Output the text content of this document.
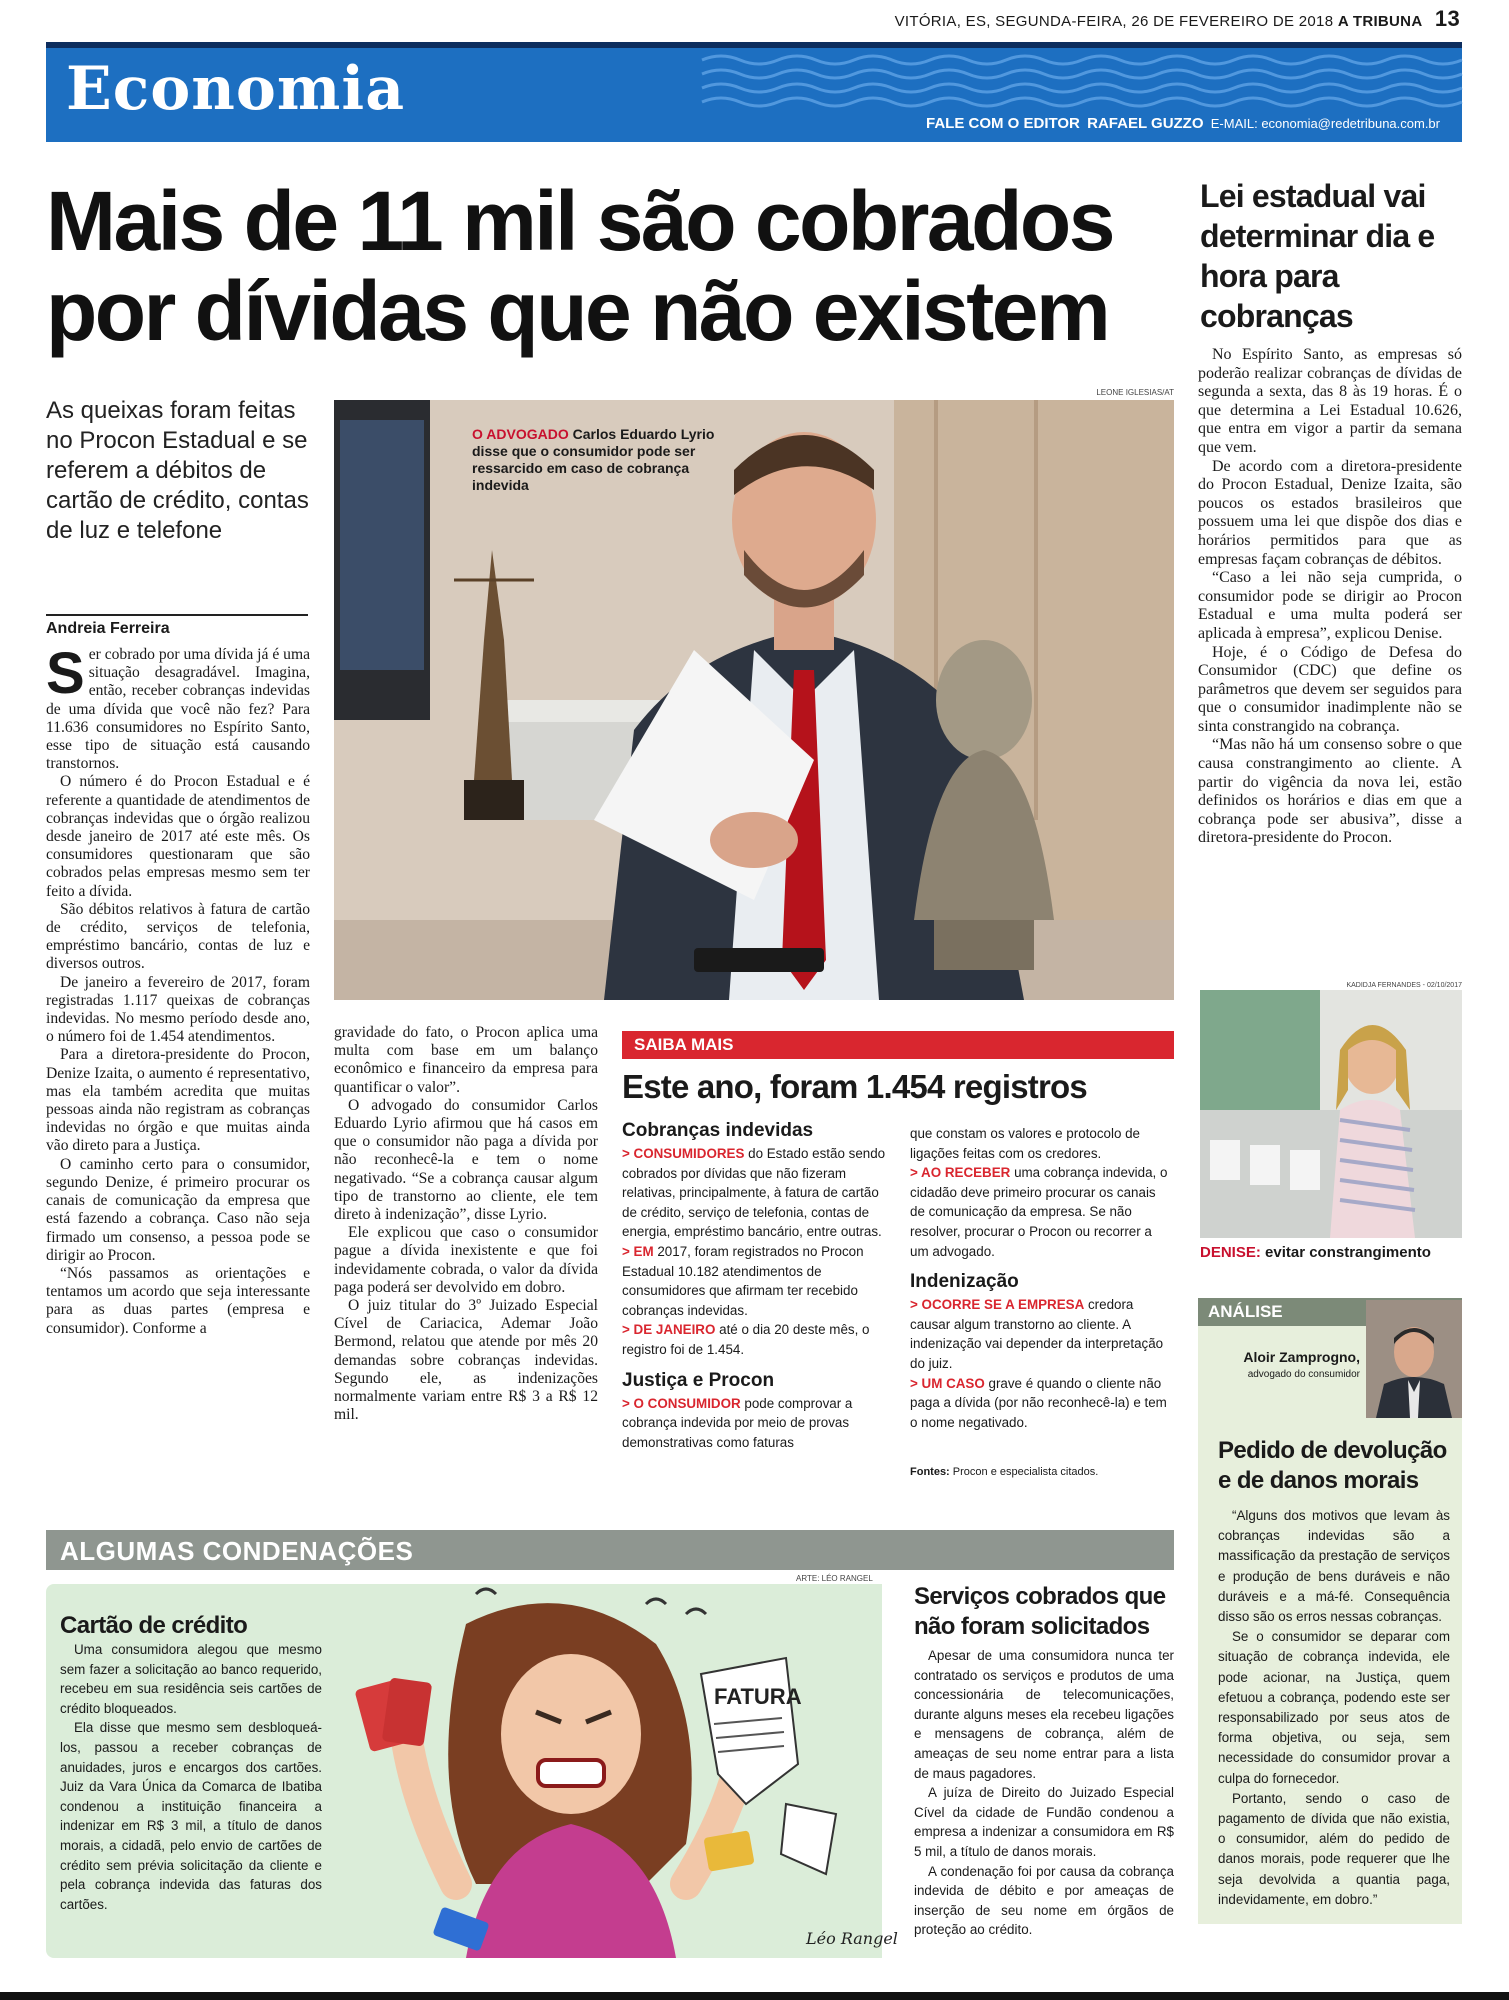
VITÓRIA, ES, SEGUNDA-FEIRA, 26 DE FEVEREIRO DE 2018 A TRIBUNA 13
Economia	FALE COM O EDITOR RAFAEL GUZZO E-MAIL: economia@redetribuna.com.br
Mais de 11 mil são cobrados por dívidas que não existem
As queixas foram feitas no Procon Estadual e se referem a débitos de cartão de crédito, contas de luz e telefone
Andreia Ferreira

Ser cobrado por uma dívida já é uma situação desagradável. Imagina, então, receber cobranças indevidas de uma dívida que você não fez? Para 11.636 consumidores no Espírito Santo, esse tipo de situação está causando transtornos.

O número é do Procon Estadual e é referente a quantidade de atendimentos de cobranças indevidas que o órgão realizou desde janeiro de 2017 até este mês. Os consumidores questionaram que são cobrados pelas empresas mesmo sem ter feito a dívida.

São débitos relativos à fatura de cartão de crédito, serviços de telefonia, empréstimo bancário, contas de luz e diversos outros.

De janeiro a fevereiro de 2017, foram registradas 1.117 queixas de cobranças indevidas. No mesmo período desde ano, o número foi de 1.454 atendimentos.

Para a diretora-presidente do Procon, Denize Izaita, o aumento é representativo, mas ela também acredita que muitas pessoas ainda não registram as cobranças indevidas no órgão e que muitas ainda vão direto para a Justiça.

O caminho certo para o consumidor, segundo Denize, é primeiro procurar os canais de comunicação da empresa que está fazendo a cobrança. Caso não seja firmado um consenso, a pessoa pode se dirigir ao Procon.

“Nós passamos as orientações e tentamos um acordo que seja interessante para as duas partes (empresa e consumidor). Conforme a

gravidade do fato, o Procon aplica uma multa com base em um balanço econômico e financeiro da empresa para quantificar o valor”.

O advogado do consumidor Carlos Eduardo Lyrio afirmou que há casos em que o consumidor não paga a dívida por não reconhecê-la e tem o nome negativado. “Se a cobrança causar algum tipo de transtorno ao cliente, ele tem direto à indenização”, disse Lyrio.

Ele explicou que caso o consumidor pague a dívida inexistente e que foi indevidamente cobrada, o valor da dívida paga poderá ser devolvido em dobro.

O juiz titular do 3º Juizado Especial Cível de Cariacica, Ademar João Bermond, relatou que atende por mês 20 demandas sobre cobranças indevidas. Segundo ele, as indenizações normalmente variam entre R$ 3 a R$ 12 mil.

LEONE IGLESIAS/AT
O ADVOGADO Carlos Eduardo Lyrio disse que o consumidor pode ser ressarcido em caso de cobrança indevida
Lei estadual vai determinar dia e hora para cobranças

No Espírito Santo, as empresas só poderão realizar cobranças de dívidas de segunda a sexta, das 8 às 19 horas. É o que determina a Lei Estadual 10.626, que entra em vigor a partir da semana que vem.

De acordo com a diretora-presidente do Procon Estadual, Denize Izaita, são poucos os estados brasileiros que possuem uma lei que dispõe dos dias e horários permitidos para que as empresas façam cobranças de débitos.

“Caso a lei não seja cumprida, o consumidor pode se dirigir ao Procon Estadual e uma multa poderá ser aplicada à empresa”, explicou Denise.

Hoje, é o Código de Defesa do Consumidor (CDC) que define os parâmetros que devem ser seguidos para que o consumidor inadimplente não se sinta constrangido na cobrança.

“Mas não há um consenso sobre o que causa constrangimento ao cliente. A partir do vigência da nova lei, estão definidos os horários e dias em que a cobrança pode ser abusiva”, disse a diretora-presidente do Procon.

KADIDJA FERNANDES - 02/10/2017
DENISE: evitar constrangimento
ANÁLISE
Aloir Zamprogno,
advogado do consumidor
Pedido de devolução e de danos morais

“Alguns dos motivos que levam às cobranças indevidas são a massificação da prestação de serviços e produção de bens duráveis e não duráveis e a má-fé. Consequência disso são os erros nessas cobranças.

Se o consumidor se deparar com situação de cobrança indevida, ele pode acionar, na Justiça, quem efetuou a cobrança, podendo este ser responsabilizado por seus atos de forma objetiva, ou seja, sem necessidade do consumidor provar a culpa do fornecedor.

Portanto, sendo o caso de pagamento de dívida que não existia, o consumidor, além do pedido de danos morais, pode requerer que lhe seja devolvida a quantia paga, indevidamente, em dobro.”

SAIBA MAIS
Este ano, foram 1.454 registros
Cobranças indevidas
> CONSUMIDORES do Estado estão sendo cobrados por dívidas que não fizeram relativas, principalmente, à fatura de cartão de crédito, serviço de telefonia, contas de energia, empréstimo bancário, entre outras.
> EM 2017, foram registrados no Procon Estadual 10.182 atendimentos de consumidores que afirmam ter recebido cobranças indevidas.
> DE JANEIRO até o dia 20 deste mês, o registro foi de 1.454.
Justiça e Procon
> O CONSUMIDOR pode comprovar a cobrança indevida por meio de provas demonstrativas como faturas
que constam os valores e protocolo de ligações feitas com os credores.
> AO RECEBER uma cobrança indevida, o cidadão deve primeiro procurar os canais de comunicação da empresa. Se não resolver, procurar o Procon ou recorrer a um advogado.
Indenização
> OCORRE SE A EMPRESA credora causar algum transtorno ao cliente. A indenização vai depender da interpretação do juiz.
> UM CASO grave é quando o cliente não paga a dívida (por não reconhecê-la) e tem o nome negativado.
Fontes: Procon e especialista citados.
ALGUMAS CONDENAÇÕES
ARTE: LÉO RANGEL
FATURA
Léo Rangel
Cartão de crédito

Uma consumidora alegou que mesmo sem fazer a solicitação ao banco requerido, recebeu em sua residência seis cartões de crédito bloqueados.

Ela disse que mesmo sem desbloqueá-los, passou a receber cobranças de anuidades, juros e encargos dos cartões. Juiz da Vara Única da Comarca de Ibatiba condenou a instituição financeira a indenizar em R$ 3 mil, a título de danos morais, a cidadã, pelo envio de cartões de crédito sem prévia solicitação da cliente e pela cobrança indevida das faturas dos cartões.

Serviços cobrados que não foram solicitados

Apesar de uma consumidora nunca ter contratado os serviços e produtos de uma concessionária de telecomunicações, durante alguns meses ela recebeu ligações e mensagens de cobrança, além de ameaças de seu nome entrar para a lista de maus pagadores.

A juíza de Direito do Juizado Especial Cível da cidade de Fundão condenou a empresa a indenizar a consumidora em R$ 5 mil, a título de danos morais.

A condenação foi por causa da cobrança indevida de débito e por ameaças de inserção de seu nome em órgãos de proteção ao crédito.
